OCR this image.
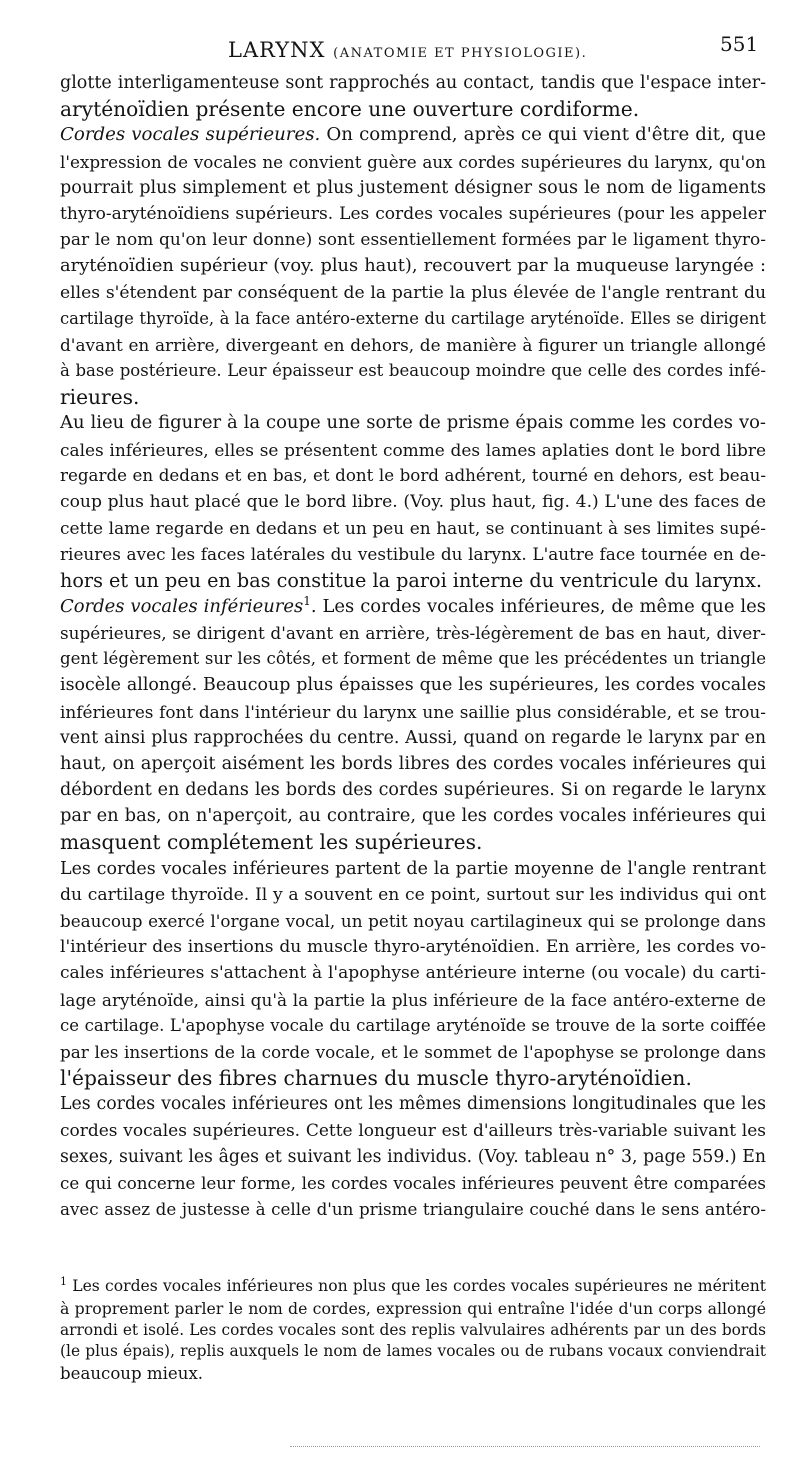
LARYNX (ANATOMIE ET PHYSIOLOGIE).	551
glotte interligamenteuse sont rapprochés au contact, tandis que l'espace inter-
aryténoïdien présente encore une ouverture cordiforme.
Cordes vocales supérieures. On comprend, après ce qui vient d'être dit, que
l'expression de vocales ne convient guère aux cordes supérieures du larynx, qu'on
pourrait plus simplement et plus justement désigner sous le nom de ligaments
thyro-aryténoïdiens supérieurs. Les cordes vocales supérieures (pour les appeler
par le nom qu'on leur donne) sont essentiellement formées par le ligament thyro-
aryténoïdien supérieur (voy. plus haut), recouvert par la muqueuse laryngée :
elles s'étendent par conséquent de la partie la plus élevée de l'angle rentrant du
cartilage thyroïde, à la face antéro-externe du cartilage aryténoïde. Elles se dirigent
d'avant en arrière, divergeant en dehors, de manière à figurer un triangle allongé
à base postérieure. Leur épaisseur est beaucoup moindre que celle des cordes infé-
rieures.
Au lieu de figurer à la coupe une sorte de prisme épais comme les cordes vo-
cales inférieures, elles se présentent comme des lames aplaties dont le bord libre
regarde en dedans et en bas, et dont le bord adhérent, tourné en dehors, est beau-
coup plus haut placé que le bord libre. (Voy. plus haut, fig. 4.) L'une des faces de
cette lame regarde en dedans et un peu en haut, se continuant à ses limites supé-
rieures avec les faces latérales du vestibule du larynx. L'autre face tournée en de-
hors et un peu en bas constitue la paroi interne du ventricule du larynx.
Cordes vocales inférieures$^1$. Les cordes vocales inférieures, de même que les
supérieures, se dirigent d'avant en arrière, très-légèrement de bas en haut, diver-
gent légèrement sur les côtés, et forment de même que les précédentes un triangle
isocèle allongé. Beaucoup plus épaisses que les supérieures, les cordes vocales
inférieures font dans l'intérieur du larynx une saillie plus considérable, et se trou-
vent ainsi plus rapprochées du centre. Aussi, quand on regarde le larynx par en
haut, on aperçoit aisément les bords libres des cordes vocales inférieures qui
débordent en dedans les bords des cordes supérieures. Si on regarde le larynx
par en bas, on n'aperçoit, au contraire, que les cordes vocales inférieures qui
masquent complétement les supérieures.
Les cordes vocales inférieures partent de la partie moyenne de l'angle rentrant
du cartilage thyroïde. Il y a souvent en ce point, surtout sur les individus qui ont
beaucoup exercé l'organe vocal, un petit noyau cartilagineux qui se prolonge dans
l'intérieur des insertions du muscle thyro-aryténoïdien. En arrière, les cordes vo-
cales inférieures s'attachent à l'apophyse antérieure interne (ou vocale) du carti-
lage aryténoïde, ainsi qu'à la partie la plus inférieure de la face antéro-externe de
ce cartilage. L'apophyse vocale du cartilage aryténoïde se trouve de la sorte coiffée
par les insertions de la corde vocale, et le sommet de l'apophyse se prolonge dans
l'épaisseur des fibres charnues du muscle thyro-aryténoïdien.
Les cordes vocales inférieures ont les mêmes dimensions longitudinales que les
cordes vocales supérieures. Cette longueur est d'ailleurs très-variable suivant les
sexes, suivant les âges et suivant les individus. (Voy. tableau n° 3, page 559.) En
ce qui concerne leur forme, les cordes vocales inférieures peuvent être comparées
avec assez de justesse à celle d'un prisme triangulaire couché dans le sens antéro-
$^1$ Les cordes vocales inférieures non plus que les cordes vocales supérieures ne méritent
à proprement parler le nom de cordes, expression qui entraîne l'idée d'un corps allongé
arrondi et isolé. Les cordes vocales sont des replis valvulaires adhérents par un des bords
(le plus épais), replis auxquels le nom de lames vocales ou de rubans vocaux conviendrait
beaucoup mieux.
